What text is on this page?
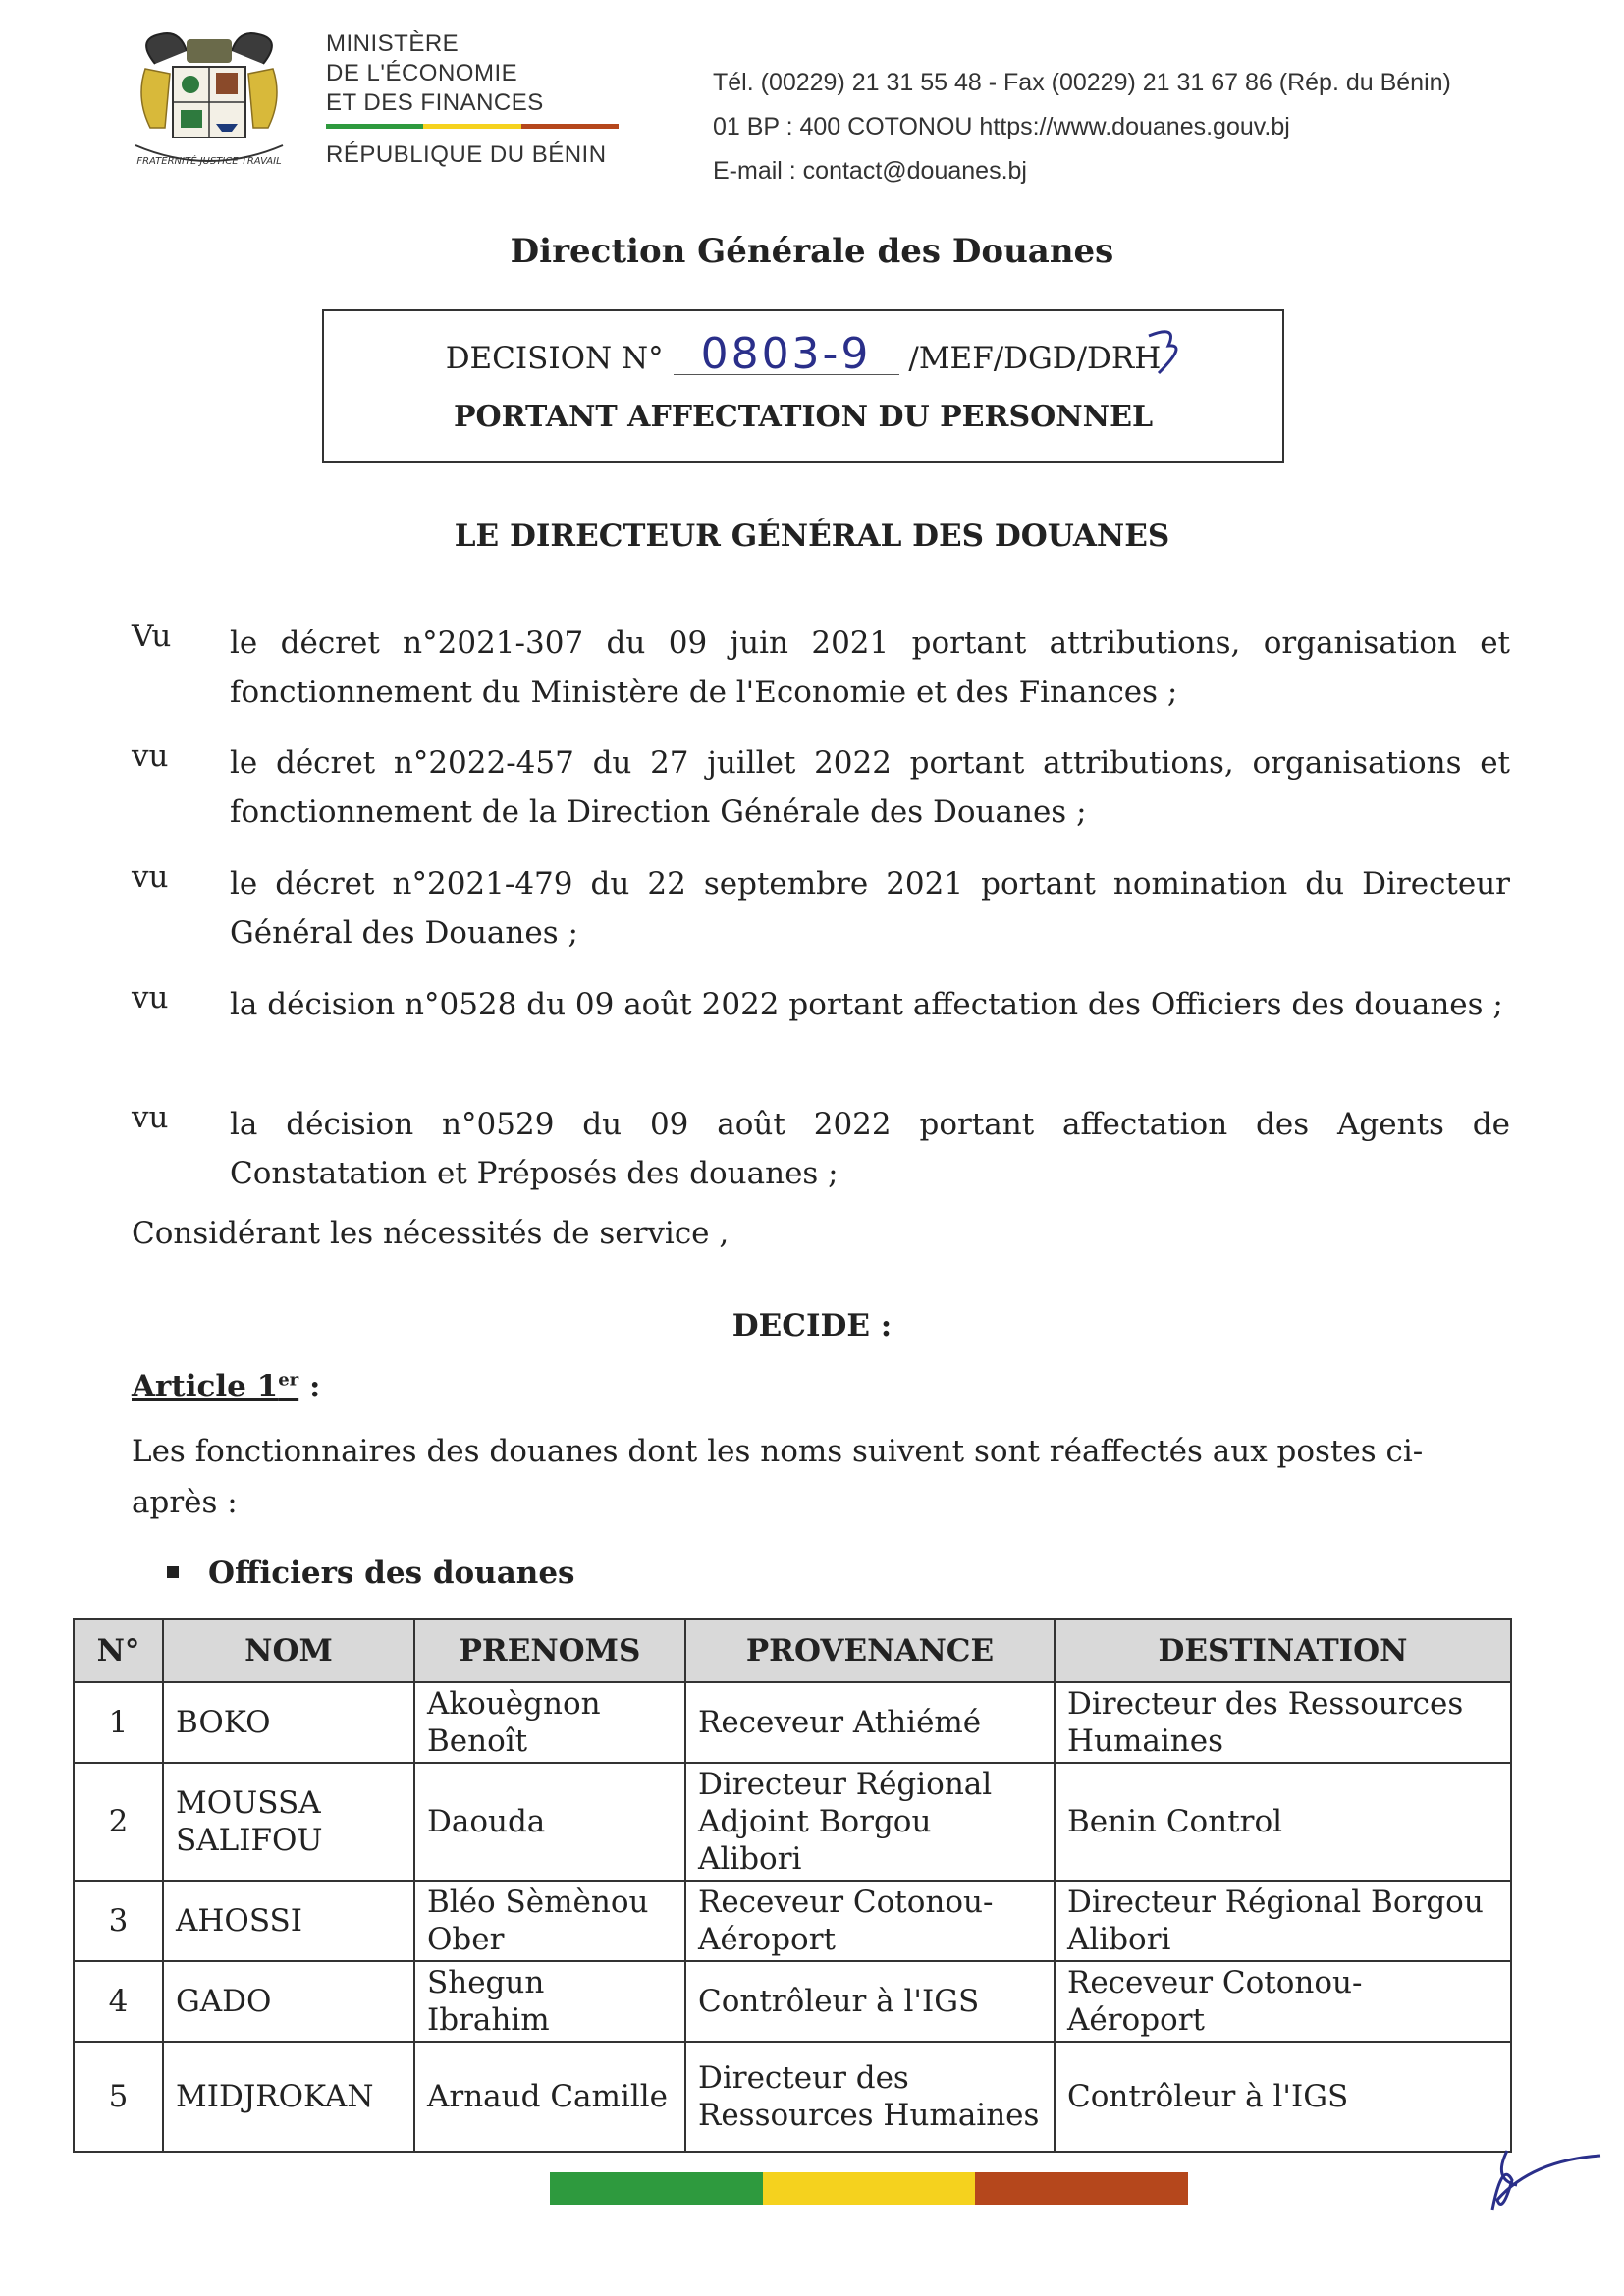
FRATERNITÉ JUSTICE TRAVAIL
MINISTÈRE
DE L'ÉCONOMIE
ET DES FINANCES
RÉPUBLIQUE DU BÉNIN
Tél. (00229) 21 31 55 48 - Fax (00229) 21 31 67 86 (Rép. du Bénin)
01 BP : 400 COTONOU https://www.douanes.gouv.bj
E-mail : contact@douanes.bj
Direction Générale des Douanes
DECISION N° 0803-9 /MEF/DGD/DRH
PORTANT AFFECTATION DU PERSONNEL
LE DIRECTEUR GÉNÉRAL DES DOUANES
Vu le décret n°2021-307 du 09 juin 2021 portant attributions, organisation et fonctionnement du Ministère de l'Economie et des Finances ;
vu le décret n°2022-457 du 27 juillet 2022 portant attributions, organisations et fonctionnement de la Direction Générale des Douanes ;
vu le décret n°2021-479 du 22 septembre 2021 portant nomination du Directeur Général des Douanes ;
vu la décision n°0528 du 09 août 2022 portant affectation des Officiers des douanes ;
vu la décision n°0529 du 09 août 2022 portant affectation des Agents de Constatation et Préposés des douanes ;
Considérant les nécessités de service ,
DECIDE :
Article 1er :
Les fonctionnaires des douanes dont les noms suivent sont réaffectés aux postes ci-après :
Officiers des douanes
N°	NOM	PRENOMS	PROVENANCE	DESTINATION
1	BOKO	Akouègnon Benoît	Receveur Athiémé	Directeur des Ressources Humaines
2	MOUSSA SALIFOU	Daouda	Directeur Régional Adjoint Borgou Alibori	Benin Control
3	AHOSSI	Bléo Sèmènou Ober	Receveur Cotonou-Aéroport	Directeur Régional Borgou Alibori
4	GADO	Shegun Ibrahim	Contrôleur à l'IGS	Receveur Cotonou-Aéroport
5	MIDJROKAN	Arnaud Camille	Directeur des Ressources Humaines	Contrôleur à l'IGS
